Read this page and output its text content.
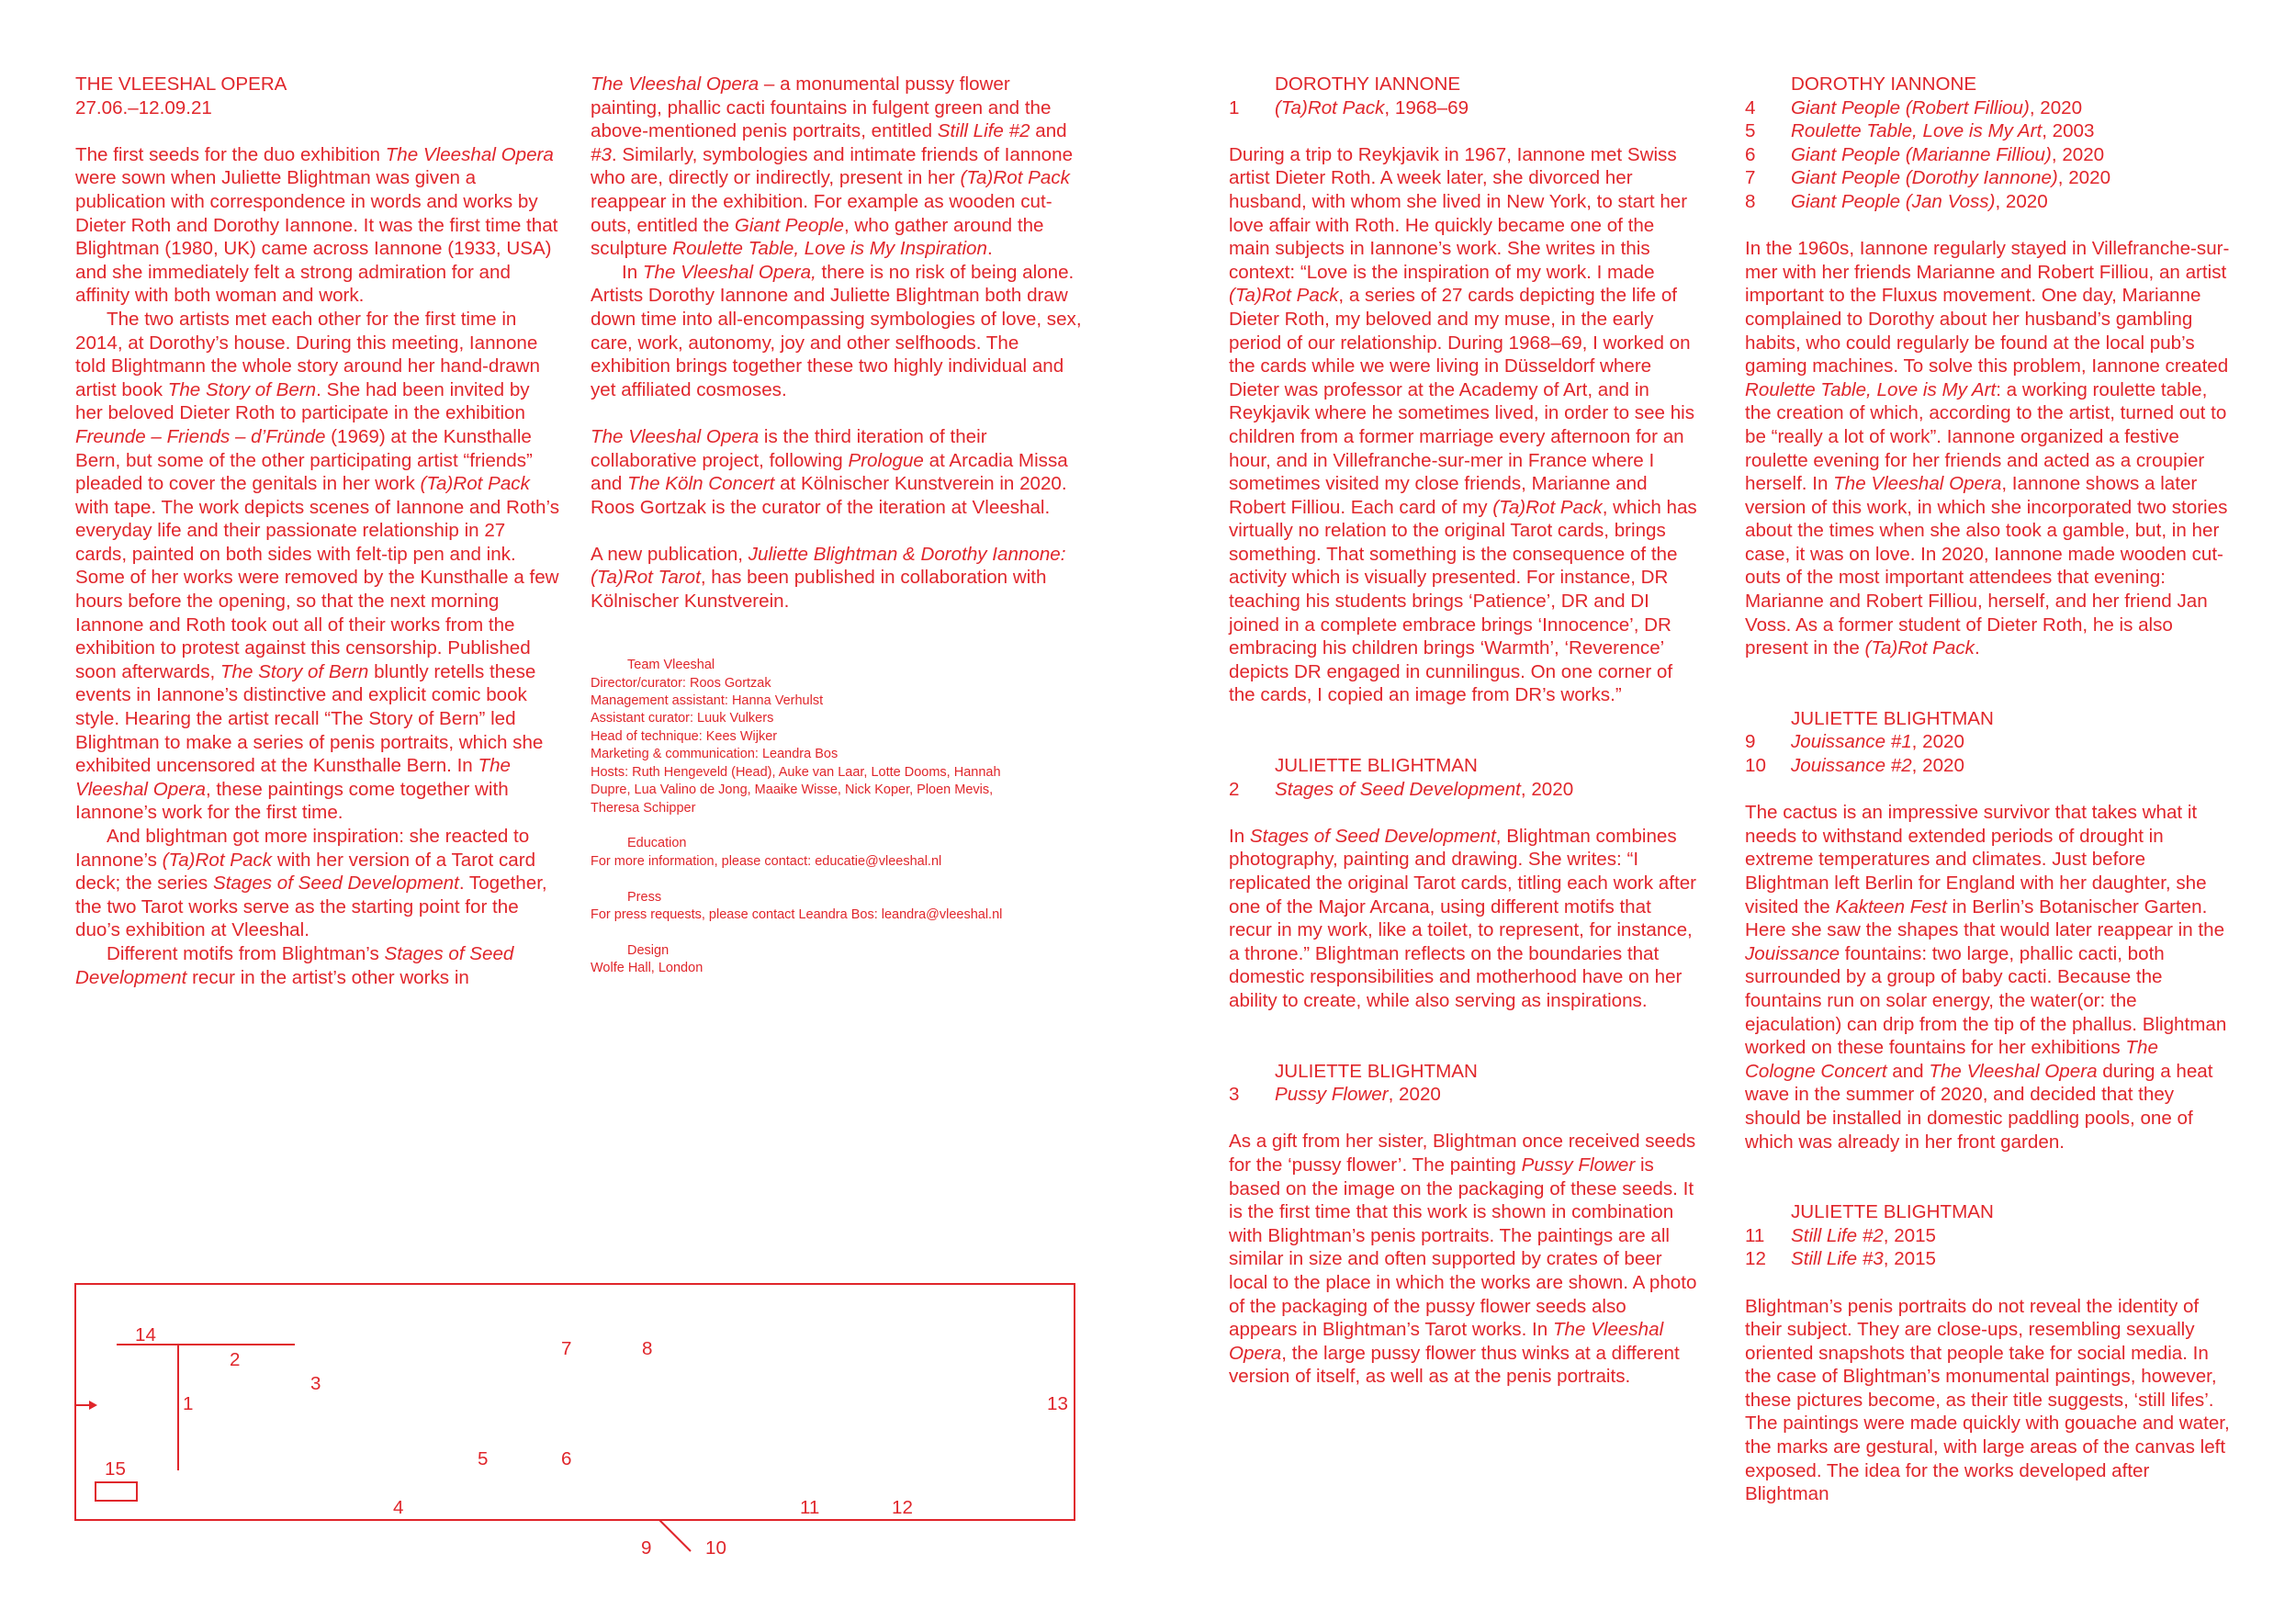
THE VLEESHAL OPERA

27.06.–12.09.21

The first seeds for the duo exhibition The Vleeshal Opera were sown when Juliette Blightman was given a publication with correspondence in words and works by Dieter Roth and Dorothy Iannone. It was the first time that Blightman (1980, UK) came across Iannone (1933, USA) and she immediately felt a strong admiration for and affinity with both woman and work.

The two artists met each other for the first time in 2014, at Dorothy’s house. During this meeting, Iannone told Blightmann the whole story around her hand-drawn artist book The Story of Bern. She had been invited by her beloved Dieter Roth to participate in the exhibition Freunde – Friends – d’Fründe (1969) at the Kunsthalle Bern, but some of the other participating artist “friends” pleaded to cover the genitals in her work (Ta)Rot Pack with tape. The work depicts scenes of Iannone and Roth’s everyday life and their passionate relationship in 27 cards, painted on both sides with felt-tip pen and ink. Some of her works were removed by the Kunsthalle a few hours before the opening, so that the next morning Iannone and Roth took out all of their works from the exhibition to protest against this censorship. Published soon afterwards, The Story of Bern bluntly retells these events in Iannone’s distinctive and explicit comic book style. Hearing the artist recall “The Story of Bern” led Blightman to make a series of penis portraits, which she exhibited uncensored at the Kunsthalle Bern. In The Vleeshal Opera, these paintings come together with Iannone’s work for the first time.

And blightman got more inspiration: she reacted to Iannone’s (Ta)Rot Pack with her version of a Tarot card deck; the series Stages of Seed Development. Together, the two Tarot works serve as the starting point for the duo’s exhibition at Vleeshal.

Different motifs from Blightman’s Stages of Seed Development recur in the artist’s other works in

The Vleeshal Opera – a monumental pussy flower painting, phallic cacti fountains in fulgent green and the above-mentioned penis portraits, entitled Still Life #2 and #3. Similarly, symbologies and intimate friends of Iannone who are, directly or indirectly, present in her (Ta)Rot Pack reappear in the exhibition. For example as wooden cut-outs, entitled the Giant People, who gather around the sculpture Roulette Table, Love is My Inspiration.

In The Vleeshal Opera, there is no risk of being alone. Artists Dorothy Iannone and Juliette Blightman both draw down time into all-encompassing symbologies of love, sex, care, work, autonomy, joy and other selfhoods. The exhibition brings together these two highly individual and yet affiliated cosmoses.

The Vleeshal Opera is the third iteration of their collaborative project, following Prologue at Arcadia Missa and The Köln Concert at Kölnischer Kunstverein in 2020. Roos Gortzak is the curator of the iteration at Vleeshal.

A new publication, Juliette Blightman & Dorothy Iannone: (Ta)Rot Tarot, has been published in collaboration with Kölnischer Kunstverein.

Team Vleeshal
Director/curator: Roos Gortzak
Management assistant: Hanna Verhulst
Assistant curator: Luuk Vulkers
Head of technique: Kees Wijker
Marketing & communication: Leandra Bos
Hosts: Ruth Hengeveld (Head), Auke van Laar, Lotte Dooms, Hannah Dupre, Lua Valino de Jong, Maaike Wisse, Nick Koper, Ploen Mevis, Theresa Schipper
Education
For more information, please contact: educatie@vleeshal.nl
Press
For press requests, please contact Leandra Bos: leandra@vleeshal.nl
Design
Wolfe Hall, London

DOROTHY IANNONE

1	(Ta)Rot Pack, 1968–69

During a trip to Reykjavik in 1967, Iannone met Swiss artist Dieter Roth. A week later, she divorced her husband, with whom she lived in New York, to start her love affair with Roth. He quickly became one of the main subjects in Iannone’s work. She writes in this context: “Love is the inspiration of my work. I made (Ta)Rot Pack, a series of 27 cards depicting the life of Dieter Roth, my beloved and my muse, in the early period of our relationship. During 1968–69, I worked on the cards while we were living in Düsseldorf where Dieter was professor at the Academy of Art, and in Reykjavik where he sometimes lived, in order to see his children from a former marriage every afternoon for an hour, and in Villefranche-sur-mer in France where I sometimes visited my close friends, Marianne and Robert Filliou. Each card of my (Ta)Rot Pack, which has virtually no relation to the original Tarot cards, brings something. That something is the consequence of the activity which is visually presented. For instance, DR teaching his students brings ‘Patience’, DR and DI joined in a complete embrace brings ‘Innocence’, DR embracing his children brings ‘Warmth’, ‘Reverence’ depicts DR engaged in cunnilingus. On one corner of the cards, I copied an image from DR’s works.”

JULIETTE BLIGHTMAN

2	Stages of Seed Development, 2020

In Stages of Seed Development, Blightman combines photography, painting and drawing. She writes: “I replicated the original Tarot cards, titling each work after one of the Major Arcana, using different motifs that recur in my work, like a toilet, to represent, for instance, a throne.” Blightman reflects on the boundaries that domestic responsibilities and motherhood have on her ability to create, while also serving as inspirations.

JULIETTE BLIGHTMAN

3	Pussy Flower, 2020

As a gift from her sister, Blightman once received seeds for the ‘pussy flower’. The painting Pussy Flower is based on the image on the packaging of these seeds. It is the first time that this work is shown in combination with Blightman’s penis portraits. The paintings are all similar in size and often supported by crates of beer local to the place in which the works are shown. A photo of the packaging of the pussy flower seeds also appears in Blightman’s Tarot works. In The Vleeshal Opera, the large pussy flower thus winks at a different version of itself, as well as at the penis portraits.

DOROTHY IANNONE

4	Giant People (Robert Filliou), 2020
5	Roulette Table, Love is My Art, 2003
6	Giant People (Marianne Filliou), 2020
7	Giant People (Dorothy Iannone), 2020
8	Giant People (Jan Voss), 2020

In the 1960s, Iannone regularly stayed in Villefranche-sur-mer with her friends Marianne and Robert Filliou, an artist important to the Fluxus movement. One day, Marianne complained to Dorothy about her husband’s gambling habits, who could regularly be found at the local pub’s gaming machines. To solve this problem, Iannone created Roulette Table, Love is My Art: a working roulette table, the creation of which, according to the artist, turned out to be “really a lot of work”. Iannone organized a festive roulette evening for her friends and acted as a croupier herself. In The Vleeshal Opera, Iannone shows a later version of this work, in which she incorporated two stories about the times when she also took a gamble, but, in her case, it was on love. In 2020, Iannone made wooden cut-outs of the most important attendees that evening: Marianne and Robert Filliou, herself, and her friend Jan Voss. As a former student of Dieter Roth, he is also present in the (Ta)Rot Pack.

JULIETTE BLIGHTMAN

9	Jouissance #1, 2020
10	Jouissance #2, 2020

The cactus is an impressive survivor that takes what it needs to withstand extended periods of drought in extreme temperatures and climates. Just before Blightman left Berlin for England with her daughter, she visited the Kakteen Fest in Berlin’s Botanischer Garten. Here she saw the shapes that would later reappear in the Jouissance fountains: two large, phallic cacti, both surrounded by a group of baby cacti. Because the fountains run on solar energy, the water(or: the ejaculation) can drip from the tip of the phallus. Blightman worked on these fountains for her exhibitions The Cologne Concert and The Vleeshal Opera during a heat wave in the summer of 2020, and decided that they should be installed in domestic paddling pools, one of which was already in her front garden.

JULIETTE BLIGHTMAN

11	Still Life #2, 2015
12	Still Life #3, 2015

Blightman’s penis portraits do not reveal the identity of their subject. They are close-ups, resembling sexually oriented snapshots that people take for social media. In the case of Blightman’s monumental paintings, however, these pictures become, as their title suggests, ‘still lifes’. The paintings were made quickly with gouache and water, the marks are gestural, with large areas of the canvas left exposed. The idea for the works developed after Blightman

14
2
3
7	8
1	13
5	6
15
4	11	12
9	10
